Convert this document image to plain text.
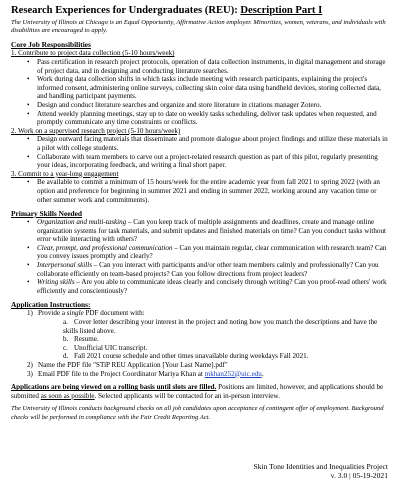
Research Experiences for Undergraduates (REU): Description Part I
The University of Illinois at Chicago is an Equal Opportunity, Affirmative Action employer. Minorities, women, veterans, and individuals with disabilities are encouraged to apply.
Core Job Responsibilities
1. Contribute to project data collection (5-10 hours/week)
• Pass certification in research project protocols, operation of data collection instruments, in digital management and storage of project data, and in designing and conducting literature searches.
• Work during data collection shifts in which tasks include meeting with research participants, explaining the project's informed consent, administering online surveys, collecting skin color data using handheld devices, storing collected data, and handling participant payments.
• Design and conduct literature searches and organize and store literature in citations manager Zotero.
• Attend weekly planning meetings, stay up to date on weekly tasks scheduling, deliver task updates when requested, and promptly communicate any time constraints or conflicts.
2. Work on a supervised research project (5-10 hours/week)
• Design outward facing materials that disseminate and promote dialogue about project findings and utilize these materials in a pilot with college students.
• Collaborate with team members to carve out a project-related research question as part of this pilot, regularly presenting your ideas, incorporating feedback, and writing a final short paper.
3. Commit to a year-long engagement
• Be available to commit a minimum of 15 hours/week for the entire academic year from fall 2021 to spring 2022 (with an option and preference for beginning in summer 2021 and ending in summer 2022, working around any vacation time or other summer work and commitments).
Primary Skills Needed
• Organization and multi-tasking – Can you keep track of multiple assignments and deadlines, create and manage online organization systems for task materials, and submit updates and finished materials on time? Can you conduct tasks without error while interacting with others?
• Clear, prompt, and professional communication – Can you maintain regular, clear communication with research team? Can you convey issues promptly and clearly?
• Interpersonal skills – Can you interact with participants and/or other team members calmly and professionally? Can you collaborate efficiently on team-based projects? Can you follow directions from project leaders?
• Writing skills – Are you able to communicate ideas clearly and concisely through writing? Can you proof-read others' work efficiently and conscientiously?
Application Instructions:
1) Provide a single PDF document with:
a. Cover letter describing your interest in the project and noting how you match the descriptions and have the skills listed above.
b. Resume.
c. Unofficial UIC transcript.
d. Fall 2021 course schedule and other times unavailable during weekdays Fall 2021.
2) Name the PDF file "STiP REU Application [Your Last Name].pdf"
3) Email PDF file to the Project Coordinator Mariya Khan at mkhan252@uic.edu.
Applications are being viewed on a rolling basis until slots are filled. Positions are limited, however, and applications should be submitted as soon as possible. Selected applicants will be contacted for an in-person interview.
The University of Illinois conducts background checks on all job candidates upon acceptance of contingent offer of employment. Background checks will be performed in compliance with the Fair Credit Reporting Act.
Skin Tone Identities and Inequalities Project
v. 3.0 | 05-19-2021
